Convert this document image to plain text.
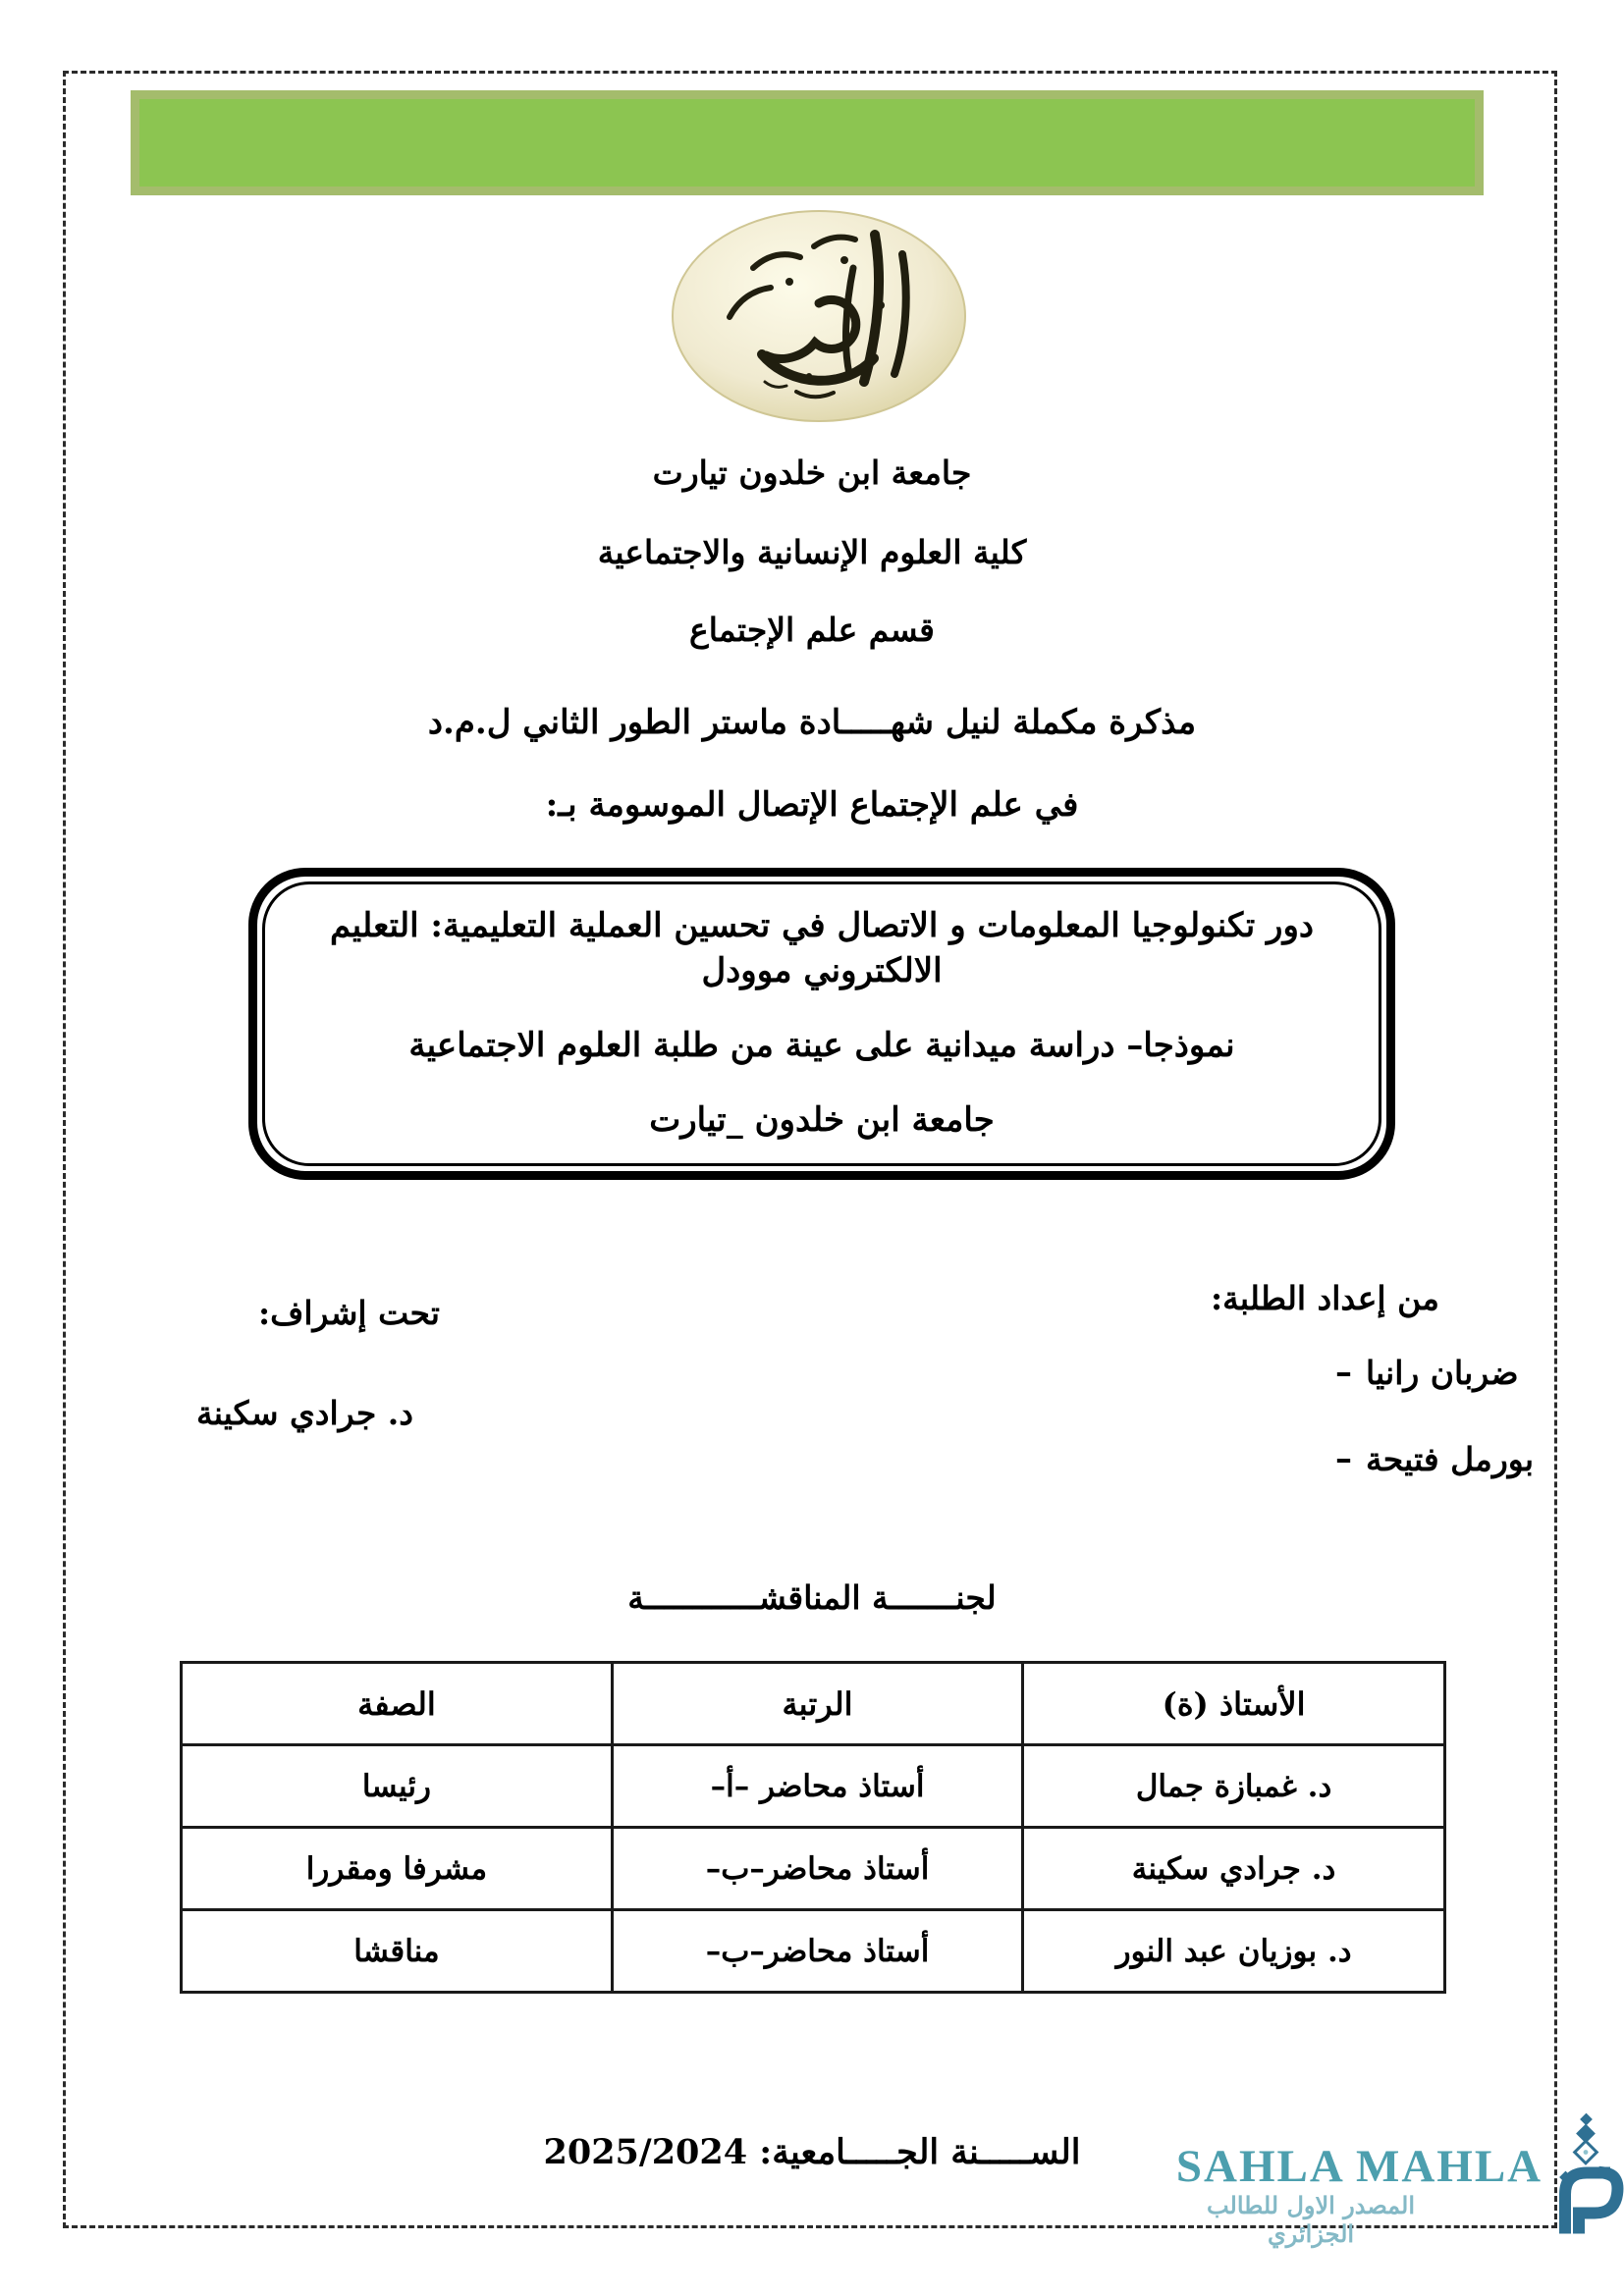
جامعة ابن خلدون تيارت
كلية العلوم الإنسانية والاجتماعية
قسم علم الإجتماع
مذكرة مكملة لنيل شهـــــادة ماستر الطور الثاني ل.م.د
في علم الإجتماع الإتصال الموسومة بـ:
دور تكنولوجيا المعلومات و الاتصال في تحسين العملية التعليمية: التعليم الالكتروني موودل
نموذجا– دراسة ميدانية على عينة من طلبة العلوم الاجتماعية
جامعة ابن خلدون _تيارت
من إعداد الطلبة:
– ضربان رانيا
– بورمل فتيحة
تحت إشراف:
د. جرادي سكينة
لجنـــــــة المناقشــــــــــــة
الأستاذ (ة)	الرتبة	الصفة
د. غمبازة جمال	أستاذ محاضر –أ–	رئيسا
د. جرادي سكينة	أستاذ محاضر–ب–	مشرفا ومقررا
د. بوزيان عبد النور	أستاذ محاضر–ب–	مناقشا
الســـــنة الجـــــامعية: 2025/2024	SAHLA MAHLA
المصدر الاول للطالب الجزائري
